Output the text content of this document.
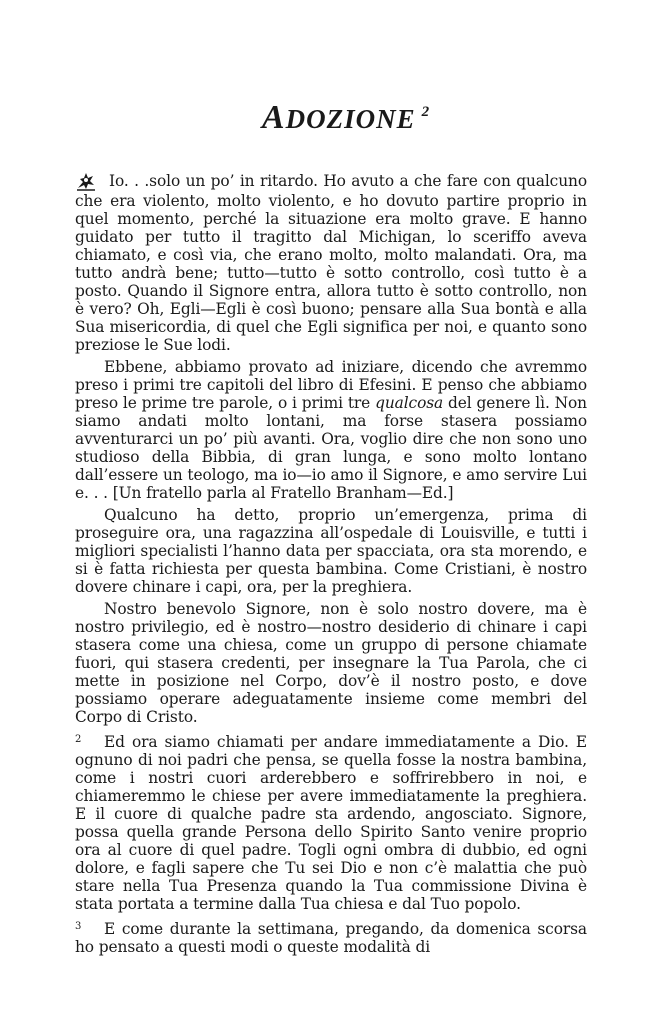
ADOZIONE $^2$

Io. . .solo un po’ in ritardo. Ho avuto a che fare con qualcuno che era violento, molto violento, e ho dovuto partire proprio in quel momento, perché la situazione era molto grave. E hanno guidato per tutto il tragitto dal Michigan, lo sceriffo aveva chiamato, e così via, che erano molto, molto malandati. Ora, ma tutto andrà bene; tutto—tutto è sotto controllo, così tutto è a posto. Quando il Signore entra, allora tutto è sotto controllo, non è vero? Oh, Egli—Egli è così buono; pensare alla Sua bontà e alla Sua misericordia, di quel che Egli significa per noi, e quanto sono preziose le Sue lodi.

Ebbene, abbiamo provato ad iniziare, dicendo che avremmo preso i primi tre capitoli del libro di Efesini. E penso che abbiamo preso le prime tre parole, o i primi tre qualcosa del genere lì. Non siamo andati molto lontani, ma forse stasera possiamo avventurarci un po’ più avanti. Ora, voglio dire che non sono uno studioso della Bibbia, di gran lunga, e sono molto lontano dall’essere un teologo, ma io—io amo il Signore, e amo servire Lui e. . . [Un fratello parla al Fratello Branham—Ed.]

Qualcuno ha detto, proprio un’emergenza, prima di proseguire ora, una ragazzina all’ospedale di Louisville, e tutti i migliori specialisti l’hanno data per spacciata, ora sta morendo, e si è fatta richiesta per questa bambina. Come Cristiani, è nostro dovere chinare i capi, ora, per la preghiera.

Nostro benevolo Signore, non è solo nostro dovere, ma è nostro privilegio, ed è nostro—nostro desiderio di chinare i capi stasera come una chiesa, come un gruppo di persone chiamate fuori, qui stasera credenti, per insegnare la Tua Parola, che ci mette in posizione nel Corpo, dov’è il nostro posto, e dove possiamo operare adeguatamente insieme come membri del Corpo di Cristo.

2 Ed ora siamo chiamati per andare immediatamente a Dio. E ognuno di noi padri che pensa, se quella fosse la nostra bambina, come i nostri cuori arderebbero e soffrirebbero in noi, e chiameremmo le chiese per avere immediatamente la preghiera. E il cuore di qualche padre sta ardendo, angosciato. Signore, possa quella grande Persona dello Spirito Santo venire proprio ora al cuore di quel padre. Togli ogni ombra di dubbio, ed ogni dolore, e fagli sapere che Tu sei Dio e non c’è malattia che può stare nella Tua Presenza quando la Tua commissione Divina è stata portata a termine dalla Tua chiesa e dal Tuo popolo.

3 E come durante la settimana, pregando, da domenica scorsa ho pensato a questi modi o queste modalità di
